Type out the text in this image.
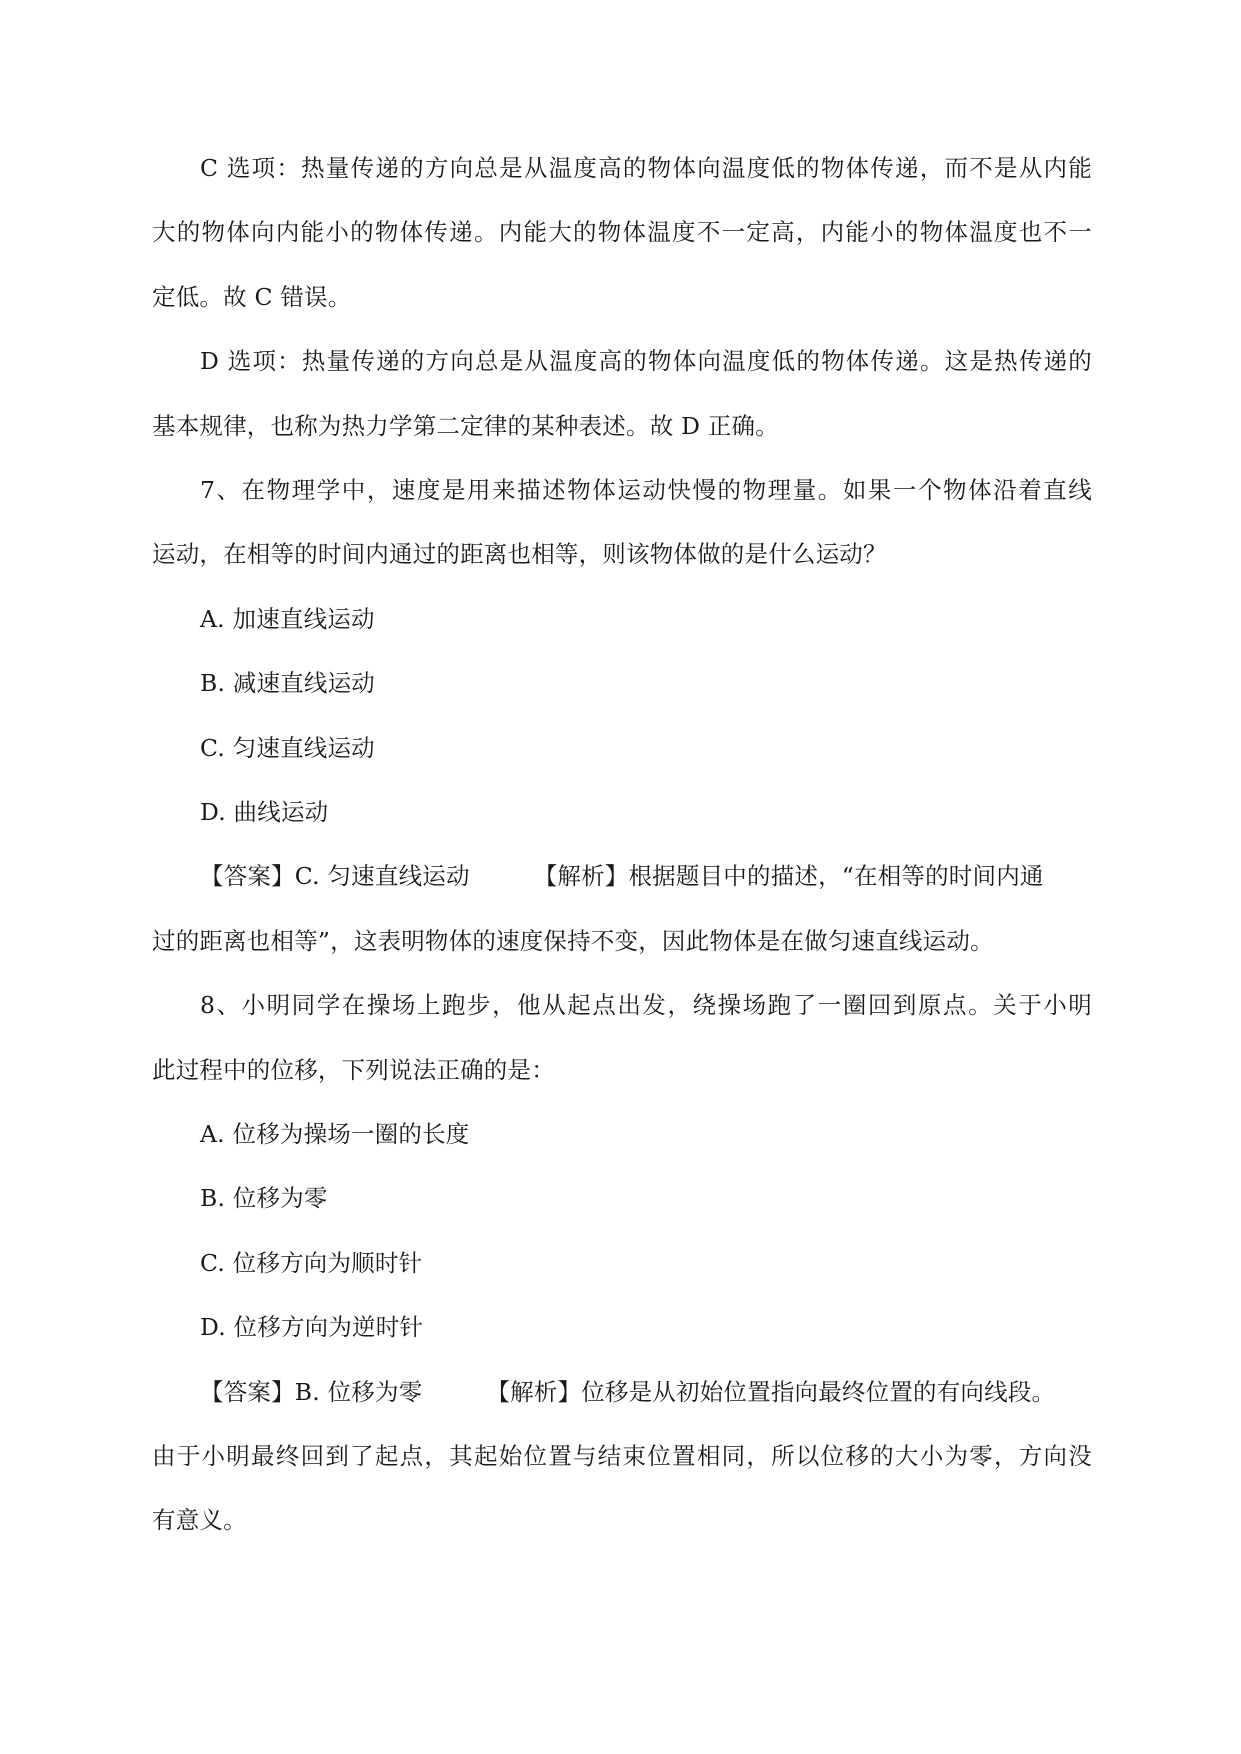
C 选项：热量传递的方向总是从温度高的物体向温度低的物体传递，而不是从内能
大的物体向内能小的物体传递。内能大的物体温度不一定高，内能小的物体温度也不一
定低。故 C 错误。
D 选项：热量传递的方向总是从温度高的物体向温度低的物体传递。这是热传递的
基本规律，也称为热力学第二定律的某种表述。故 D 正确。
7、在物理学中，速度是用来描述物体运动快慢的物理量。如果一个物体沿着直线
运动，在相等的时间内通过的距离也相等，则该物体做的是什么运动？
A. 加速直线运动
B. 减速直线运动
C. 匀速直线运动
D. 曲线运动
【答案】C. 匀速直线运动	【解析】根据题目中的描述，“在相等的时间内通
过的距离也相等”，这表明物体的速度保持不变，因此物体是在做匀速直线运动。
8、小明同学在操场上跑步，他从起点出发，绕操场跑了一圈回到原点。关于小明
此过程中的位移，下列说法正确的是：
A. 位移为操场一圈的长度
B. 位移为零
C. 位移方向为顺时针
D. 位移方向为逆时针
【答案】B. 位移为零	【解析】位移是从初始位置指向最终位置的有向线段。
由于小明最终回到了起点，其起始位置与结束位置相同，所以位移的大小为零，方向没
有意义。
